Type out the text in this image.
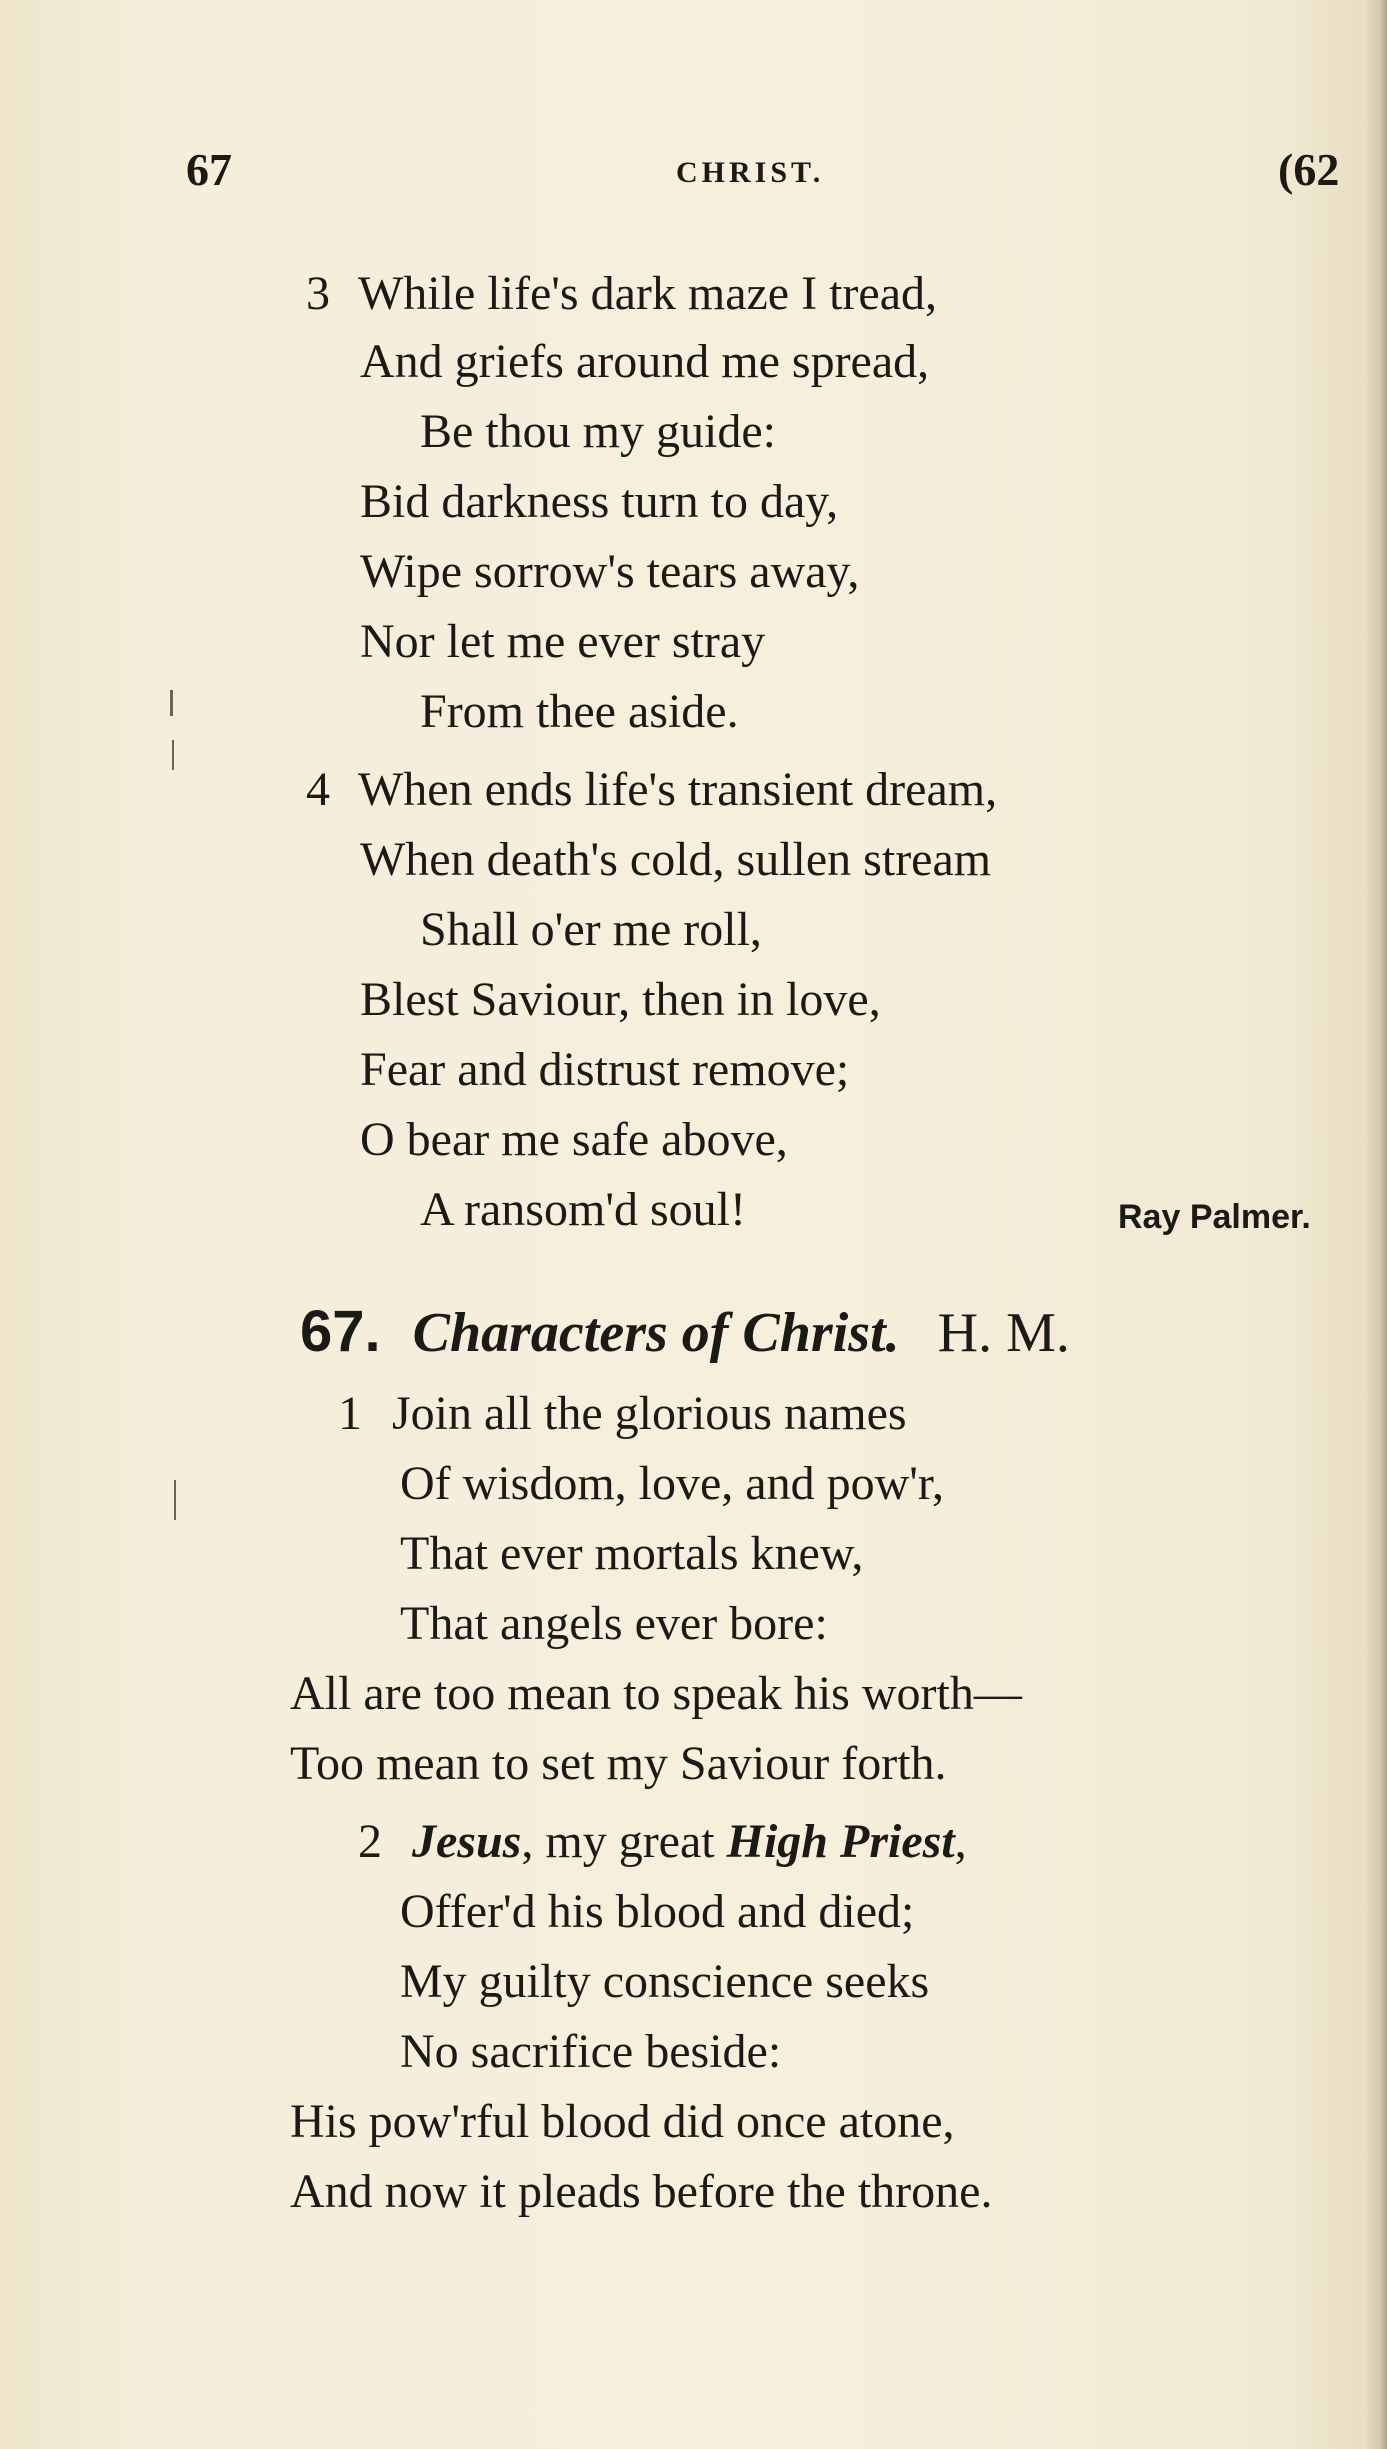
67	CHRIST.	(62
3 While life's dark maze I tread,
And griefs around me spread,
Be thou my guide:
Bid darkness turn to day,
Wipe sorrow's tears away,
Nor let me ever stray
From thee aside.
4 When ends life's transient dream,
When death's cold, sullen stream
Shall o'er me roll,
Blest Saviour, then in love,
Fear and distrust remove;
O bear me safe above,
A ransom'd soul!	Ray Palmer.
67. Characters of Christ. H. M.
1 Join all the glorious names
Of wisdom, love, and pow'r,
That ever mortals knew,
That angels ever bore:
All are too mean to speak his worth—
Too mean to set my Saviour forth.
2 Jesus, my great High Priest,
Offer'd his blood and died;
My guilty conscience seeks
No sacrifice beside:
His pow'rful blood did once atone,
And now it pleads before the throne.
